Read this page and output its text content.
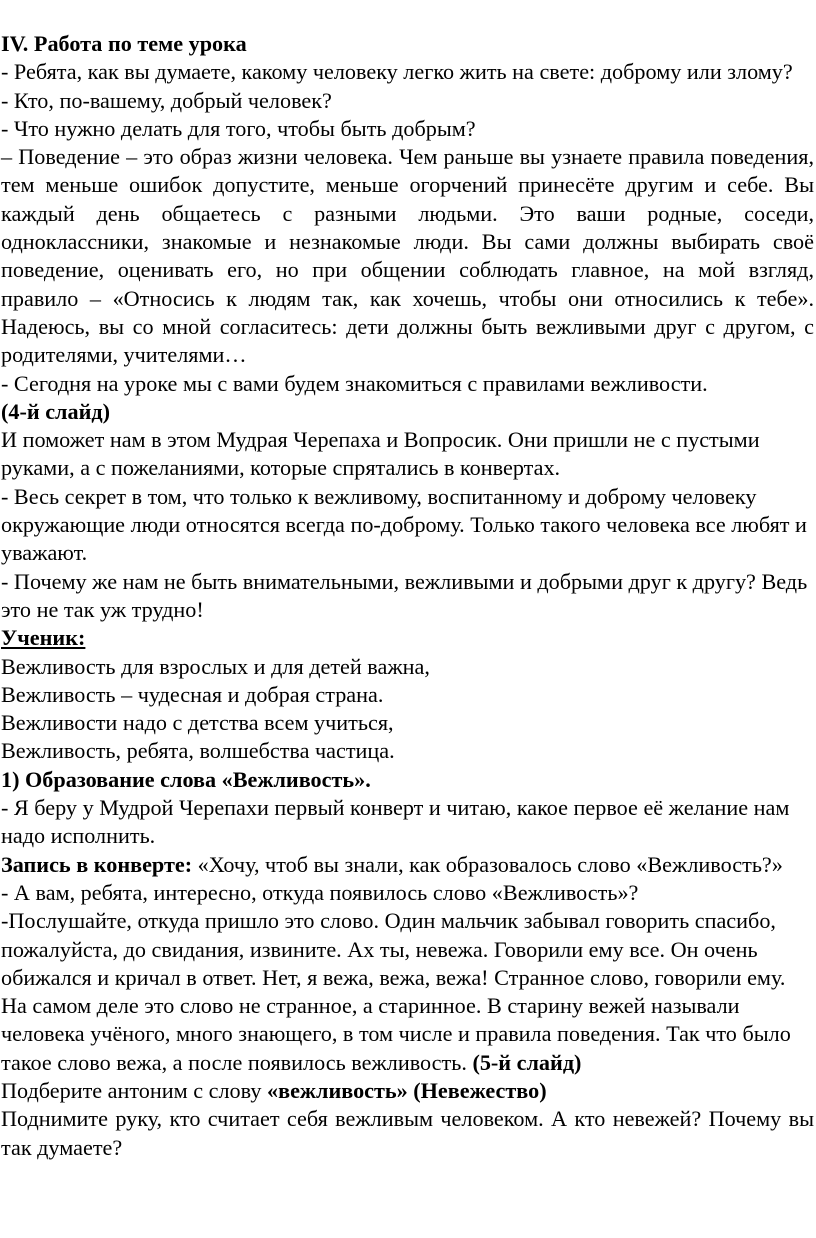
IV. Работа по теме урока

- Ребята, как вы думаете, какому человеку легко жить на свете: доброму или злому?

- Кто, по-вашему, добрый человек?

- Что нужно делать для того, чтобы быть добрым?

– Поведение – это образ жизни человека. Чем раньше вы узнаете правила поведения, тем меньше ошибок допустите, меньше огорчений принесёте другим и себе. Вы каждый день общаетесь с разными людьми. Это ваши родные, соседи, одноклассники, знакомые и незнакомые люди. Вы сами должны выбирать своё поведение, оценивать его, но при общении соблюдать главное, на мой взгляд, правило – «Относись к людям так, как хочешь, чтобы они относились к тебе». Надеюсь, вы со мной согласитесь: дети должны быть вежливыми друг с другом, с родителями, учителями…

- Сегодня на уроке мы с вами будем знакомиться с правилами вежливости.

(4-й слайд)

И поможет нам в этом Мудрая Черепаха и Вопросик. Они пришли не с пустыми руками, а с пожеланиями, которые спрятались в конвертах.

- Весь секрет в том, что только к вежливому, воспитанному и доброму человеку окружающие люди относятся всегда по-доброму. Только такого человека все любят и уважают.

- Почему же нам не быть внимательными, вежливыми и добрыми друг к другу? Ведь это не так уж трудно!

Ученик:

Вежливость для взрослых и для детей важна,

Вежливость – чудесная и добрая страна.

Вежливости надо с детства всем учиться,

Вежливость, ребята, волшебства частица.

1) Образование слова «Вежливость».

- Я беру у Мудрой Черепахи первый конверт и читаю, какое первое её желание нам надо исполнить.

Запись в конверте: «Хочу, чтоб вы знали, как образовалось слово «Вежливость?»

- А вам, ребята, интересно, откуда появилось слово «Вежливость»?

-Послушайте, откуда пришло это слово. Один мальчик забывал говорить спасибо, пожалуйста, до свидания, извините. Ах ты, невежа. Говорили ему все. Он очень обижался и кричал в ответ. Нет, я вежа, вежа, вежа! Странное слово, говорили ему. На самом деле это слово не странное, а старинное. В старину вежей называли человека учёного, много знающего, в том числе и правила поведения. Так что было такое слово вежа, а после появилось вежливость. (5-й слайд)

Подберите антоним с слову «вежливость» (Невежество)

Поднимите руку, кто считает себя вежливым человеком. А кто невежей? Почему вы так думаете?
